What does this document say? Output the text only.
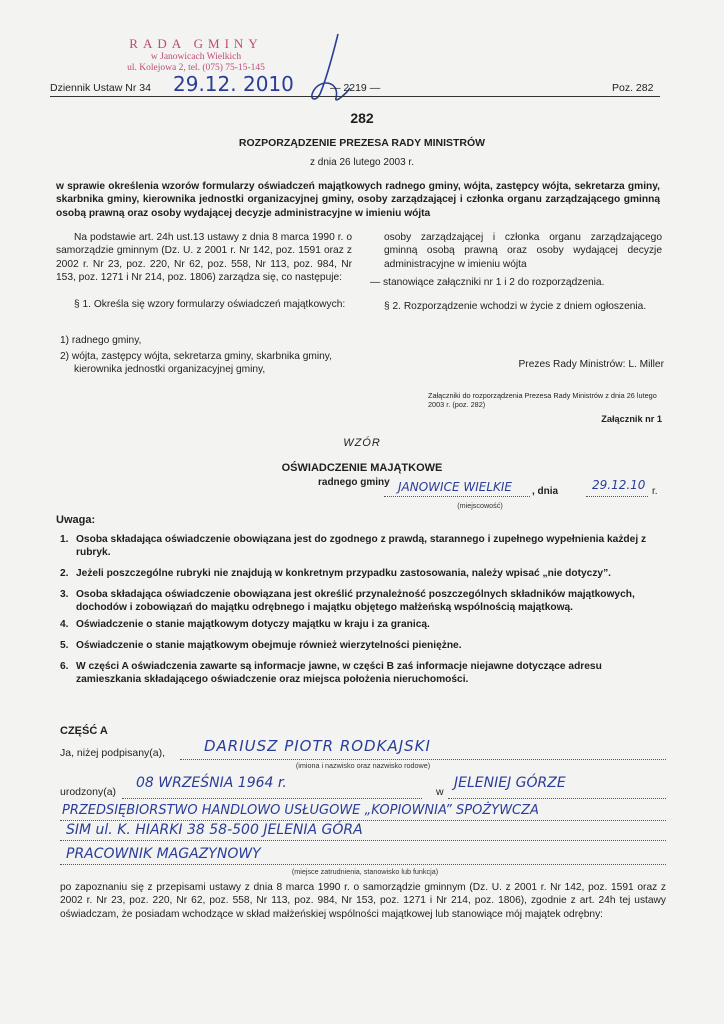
RADA GMINY
w Janowicach Wielkich
ul. Kolejowa 2, tel. (075) 75-15-145
Dziennik Ustaw Nr 34 29.12. 2010	— 2219 —	Poz. 282
282
ROZPORZĄDZENIE PREZESA RADY MINISTRÓW
z dnia 26 lutego 2003 r.
w sprawie określenia wzorów formularzy oświadczeń majątkowych radnego gminy, wójta, zastępcy wójta, sekretarza gminy, skarbnika gminy, kierownika jednostki organizacyjnej gminy, osoby zarządzającej i członka organu zarządzającego gminną osobą prawną oraz osoby wydającej decyzje administracyjne w imieniu wójta
Na podstawie art. 24h ust.13 ustawy z dnia 8 marca 1990 r. o samorządzie gminnym (Dz. U. z 2001 r. Nr 142, poz. 1591 oraz z 2002 r. Nr 23, poz. 220, Nr 62, poz. 558, Nr 113, poz. 984, Nr 153, poz. 1271 i Nr 214, poz. 1806) zarządza się, co następuje:
§ 1. Określa się wzory formularzy oświadczeń majątkowych:
1) radnego gminy,
2) wójta, zastępcy wójta, sekretarza gminy, skarbnika gminy, kierownika jednostki organizacyjnej gminy,
osoby zarządzającej i członka organu zarządzającego gminną osobą prawną oraz osoby wydającej decyzje administracyjne w imieniu wójta
— stanowiące załączniki nr 1 i 2 do rozporządzenia.
§ 2. Rozporządzenie wchodzi w życie z dniem ogłoszenia.
Prezes Rady Ministrów: L. Miller
Załączniki do rozporządzenia Prezesa Rady Ministrów z dnia 26 lutego 2003 r. (poz. 282)
Załącznik nr 1
WZÓR
OŚWIADCZENIE MAJĄTKOWE
radnego gminy JANOWICE WIELKIE , dnia	29.12.10 r.
(miejscowość)
Uwaga:
1. Osoba składająca oświadczenie obowiązana jest do zgodnego z prawdą, starannego i zupełnego wypełnienia każdej z rubryk.
2. Jeżeli poszczególne rubryki nie znajdują w konkretnym przypadku zastosowania, należy wpisać „nie dotyczy”.
3. Osoba składająca oświadczenie obowiązana jest określić przynależność poszczególnych składników majątkowych, dochodów i zobowiązań do majątku odrębnego i majątku objętego małżeńską wspólnością majątkową.
4. Oświadczenie o stanie majątkowym dotyczy majątku w kraju i za granicą.
5. Oświadczenie o stanie majątkowym obejmuje również wierzytelności pieniężne.
6. W części A oświadczenia zawarte są informacje jawne, w części B zaś informacje niejawne dotyczące adresu zamieszkania składającego oświadczenie oraz miejsca położenia nieruchomości.
CZĘŚĆ A
Ja, niżej podpisany(a),	DARIUSZ PIOTR RODKAJSKI
(imiona i nazwisko oraz nazwisko rodowe)
urodzony(a)
08 WRZEŚNIA 1964 r.
w
JELENIEJ GÓRZE
PRZEDSIĘBIORSTWO HANDLOWO USŁUGOWE „KOPIOWNIA” SPOŻYWCZA
SIM ul. K. HIARKI 38 58-500 JELENIA GÓRA
PRACOWNIK MAGAZYNOWY
(miejsce zatrudnienia, stanowisko lub funkcja)
po zapoznaniu się z przepisami ustawy z dnia 8 marca 1990 r. o samorządzie gminnym (Dz. U. z 2001 r. Nr 142, poz. 1591 oraz z 2002 r. Nr 23, poz. 220, Nr 62, poz. 558, Nr 113, poz. 984, Nr 153, poz. 1271 i Nr 214, poz. 1806), zgodnie z art. 24h tej ustawy oświadczam, że posiadam wchodzące w skład małżeńskiej wspólności majątkowej lub stanowiące mój majątek odrębny:
